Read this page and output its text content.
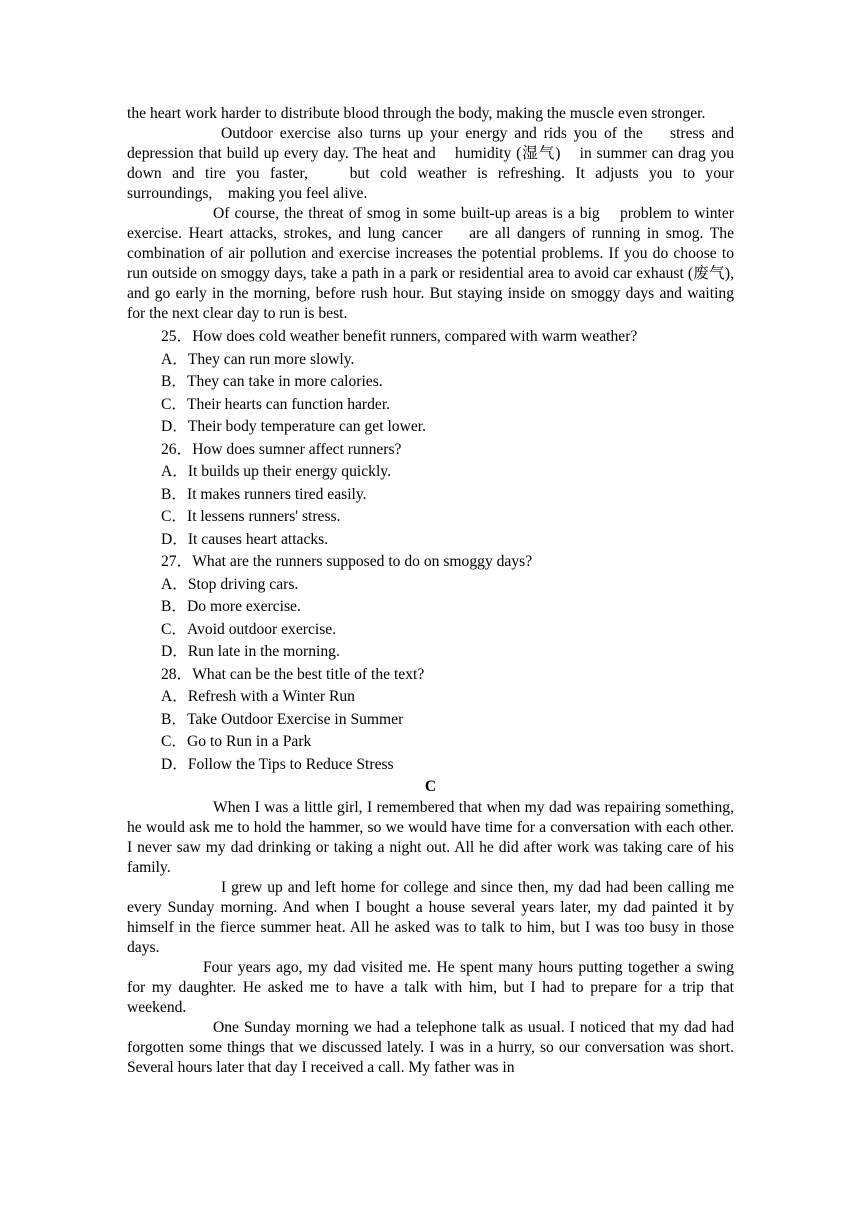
the heart work harder to distribute blood through the body, making the muscle even stronger.

Outdoor exercise also turns up your energy and rids you of the    stress and depression that build up every day. The heat and    humidity (湿气)    in summer can drag you down and tire you faster,    but cold weather is refreshing. It adjusts you to your surroundings,    making you feel alive.

Of course, the threat of smog in some built-up areas is a big    problem to winter exercise. Heart attacks, strokes, and lung cancer    are all dangers of running in smog. The combination of air pollution and exercise increases the potential problems. If you do choose to run outside on smoggy days, take a path in a park or residential area to avoid car exhaust (废气), and go early in the morning, before rush hour. But staying inside on smoggy days and waiting for the next clear day to run is best.

25．How does cold weather benefit runners, compared with warm weather?

A．They can run more slowly.

B．They can take in more calories.

C．Their hearts can function harder.

D．Their body temperature can get lower.

26．How does sumner affect runners?

A．It builds up their energy quickly.

B．It makes runners tired easily.

C．It lessens runners' stress.

D．It causes heart attacks.

27．What are the runners supposed to do on smoggy days?

A．Stop driving cars.

B．Do more exercise.

C．Avoid outdoor exercise.

D．Run late in the morning.

28．What can be the best title of the text?

A．Refresh with a Winter Run

B．Take Outdoor Exercise in Summer

C．Go to Run in a Park

D．Follow the Tips to Reduce Stress

C

When I was a little girl, I remembered that when my dad was repairing something, he would ask me to hold the hammer, so we would have time for a conversation with each other. I never saw my dad drinking or taking a night out. All he did after work was taking care of his family.

I grew up and left home for college and since then, my dad had been calling me every Sunday morning. And when I bought a house several years later, my dad painted it by himself in the fierce summer heat. All he asked was to talk to him, but I was too busy in those days.

Four years ago, my dad visited me. He spent many hours putting together a swing for my daughter. He asked me to have a talk with him, but I had to prepare for a trip that weekend.

One Sunday morning we had a telephone talk as usual. I noticed that my dad had forgotten some things that we discussed lately. I was in a hurry, so our conversation was short. Several hours later that day I received a call. My father was in
